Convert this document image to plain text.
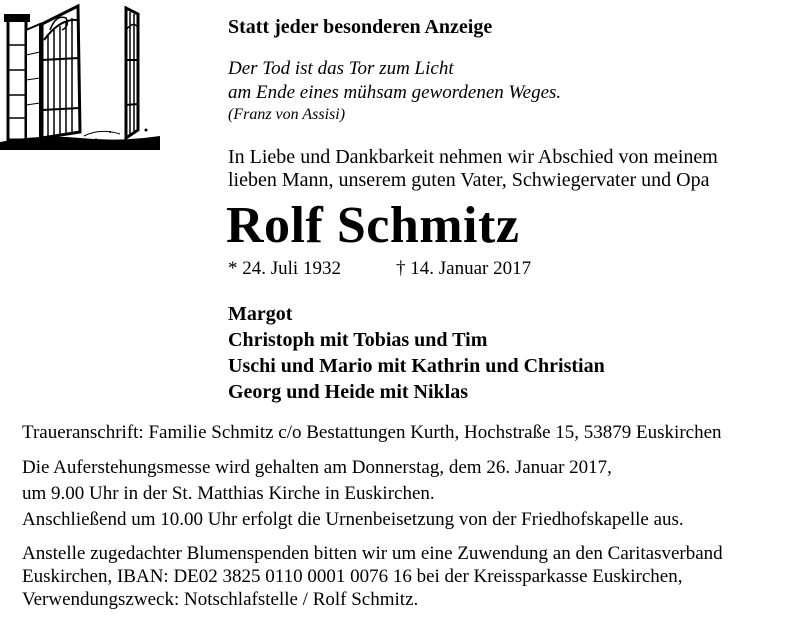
Statt jeder besonderen Anzeige
Der Tod ist das Tor zum Licht
am Ende eines mühsam gewordenen Weges.
(Franz von Assisi)
In Liebe und Dankbarkeit nehmen wir Abschied von meinem
lieben Mann, unserem guten Vater, Schwiegervater und Opa
Rolf Schmitz
* 24. Juli 1932	† 14. Januar 2017
Margot
Christoph mit Tobias und Tim
Uschi und Mario mit Kathrin und Christian
Georg und Heide mit Niklas
Traueranschrift: Familie Schmitz c/o Bestattungen Kurth, Hochstraße 15, 53879 Euskirchen
Die Auferstehungsmesse wird gehalten am Donnerstag, dem 26. Januar 2017,
um 9.00 Uhr in der St. Matthias Kirche in Euskirchen.
Anschließend um 10.00 Uhr erfolgt die Urnenbeisetzung von der Friedhofskapelle aus.
Anstelle zugedachter Blumenspenden bitten wir um eine Zuwendung an den Caritasverband
Euskirchen, IBAN: DE02 3825 0110 0001 0076 16 bei der Kreissparkasse Euskirchen,
Verwendungszweck: Notschlafstelle / Rolf Schmitz.
